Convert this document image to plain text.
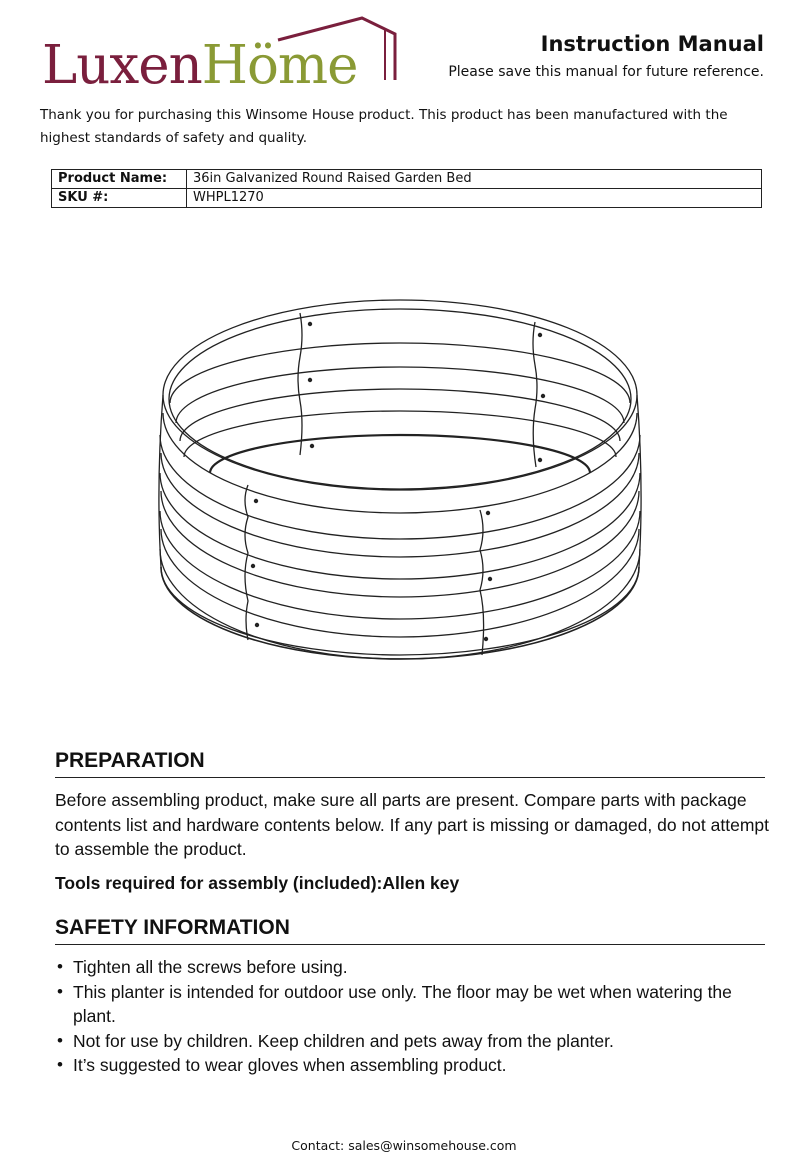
LuxenHöme	Instruction Manual
Please save this manual for future reference.
Thank you for purchasing this Winsome House product. This product has been manufactured with the highest standards of safety and quality.
Product Name:	36in Galvanized Round Raised Garden Bed
SKU #:	WHPL1270
PREPARATION
Before assembling product, make sure all parts are present. Compare parts with package contents list and hardware contents below. If any part is missing or damaged, do not attempt to assemble the product.
Tools required for assembly (included):Allen key
SAFETY INFORMATION
• Tighten all the screws before using.
• This planter is intended for outdoor use only. The floor may be wet when watering the plant.
• Not for use by children. Keep children and pets away from the planter.
• It’s suggested to wear gloves when assembling product.
Contact: sales@winsomehouse.com
